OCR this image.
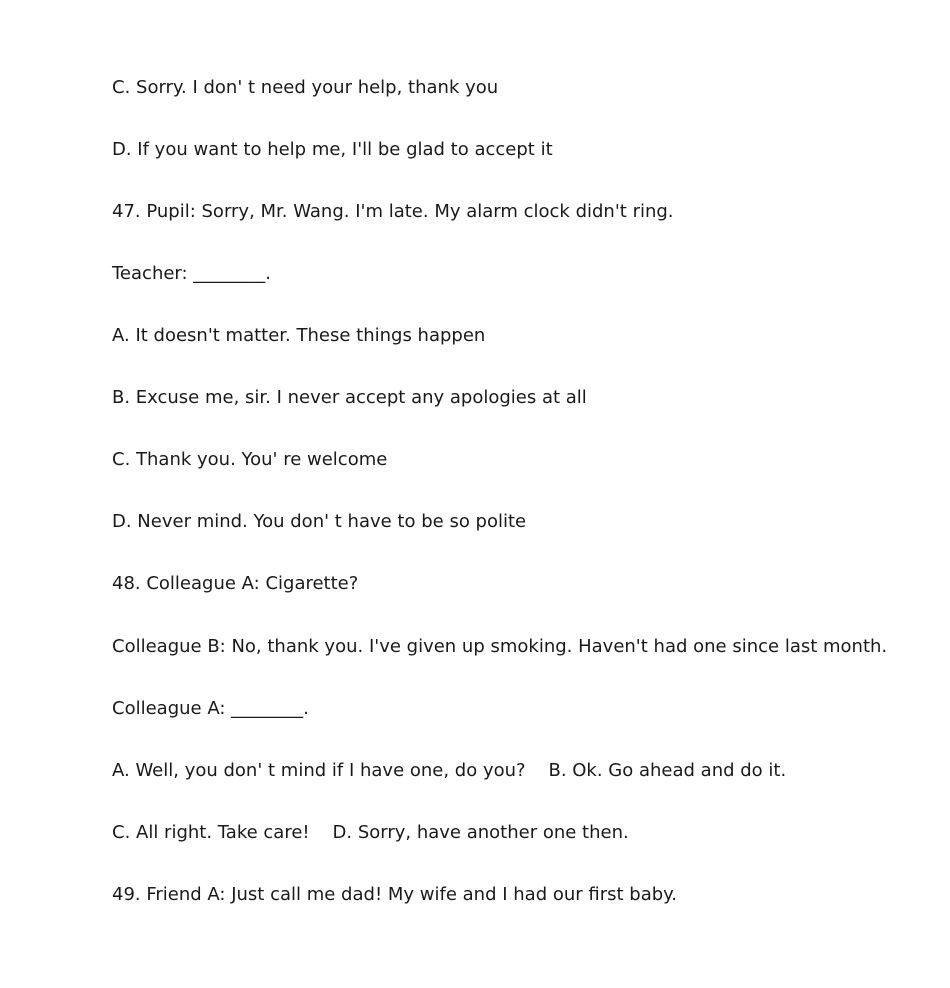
C. Sorry. I don' t need your help, thank you
D. If you want to help me, I'll be glad to accept it
47. Pupil: Sorry, Mr. Wang. I'm late. My alarm clock didn't ring.
Teacher: ________.
A. It doesn't matter. These things happen
B. Excuse me, sir. I never accept any apologies at all
C. Thank you. You' re welcome
D. Never mind. You don' t have to be so polite
48. Colleague A: Cigarette?
Colleague B: No, thank you. I've given up smoking. Haven't had one since last month.
Colleague A: ________.
A. Well, you don' t mind if I have one, do you?    B. Ok. Go ahead and do it.
C. All right. Take care!    D. Sorry, have another one then.
49. Friend A: Just call me dad! My wife and I had our first baby.
